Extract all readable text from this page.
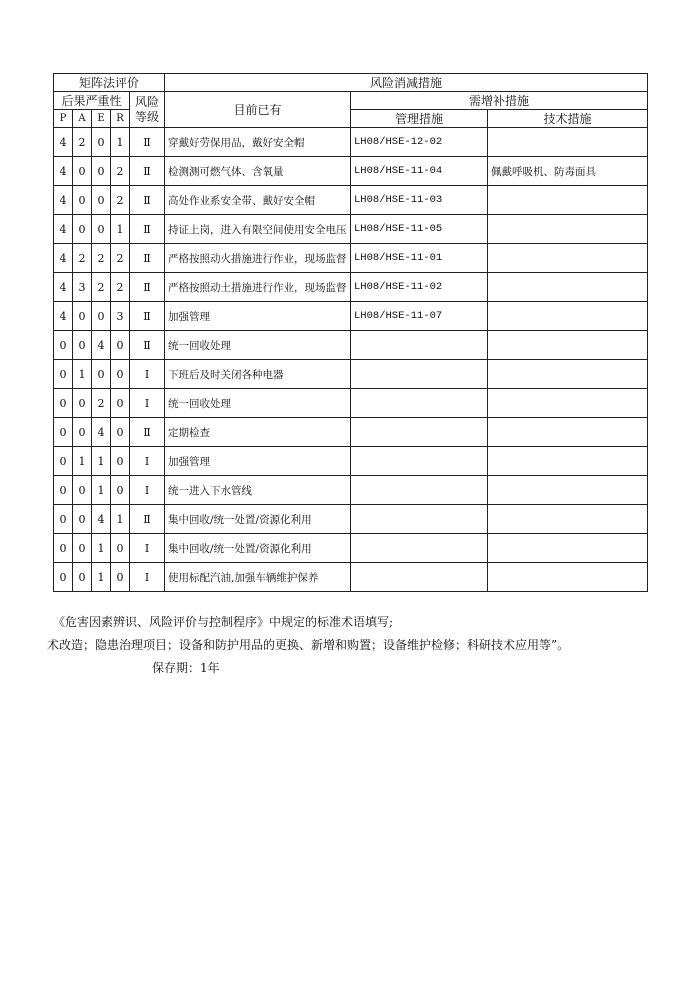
矩阵法评价					风险消减措施		
后果严重性				风险等级	目前已有	需增补措施	
P	A	E	R			管理措施	技术措施
4	2	0	1	Ⅱ	穿戴好劳保用品，戴好安全帽	LH08/HSE-12-02	
4	0	0	2	Ⅱ	检测测可燃气体、含氧量	LH08/HSE-11-04	佩戴呼吸机、防毒面具
4	0	0	2	Ⅱ	高处作业系安全带、戴好安全帽	LH08/HSE-11-03	
4	0	0	1	Ⅱ	持证上岗，进入有限空间使用安全电压	LH08/HSE-11-05	
4	2	2	2	Ⅱ	严格按照动火措施进行作业，现场监督	LH08/HSE-11-01	
4	3	2	2	Ⅱ	严格按照动土措施进行作业，现场监督	LH08/HSE-11-02	
4	0	0	3	Ⅱ	加强管理	LH08/HSE-11-07	
0	0	4	0	Ⅱ	统一回收处理		
0	1	0	0	Ⅰ	下班后及时关闭各种电器		
0	0	2	0	Ⅰ	统一回收处理		
0	0	4	0	Ⅱ	定期检查		
0	1	1	0	Ⅰ	加强管理		
0	0	1	0	Ⅰ	统一进入下水管线		
0	0	4	1	Ⅱ	集中回收/统一处置/资源化利用		
0	0	1	0	Ⅰ	集中回收/统一处置/资源化利用		
0	0	1	0	Ⅰ	使用标配汽油,加强车辆维护保养		
《危害因素辨识、风险评价与控制程序》中规定的标准术语填写;
术改造；隐患治理项目；设备和防护用品的更换、新增和购置；设备维护检修；科研技术应用等”。
保存期：1年
